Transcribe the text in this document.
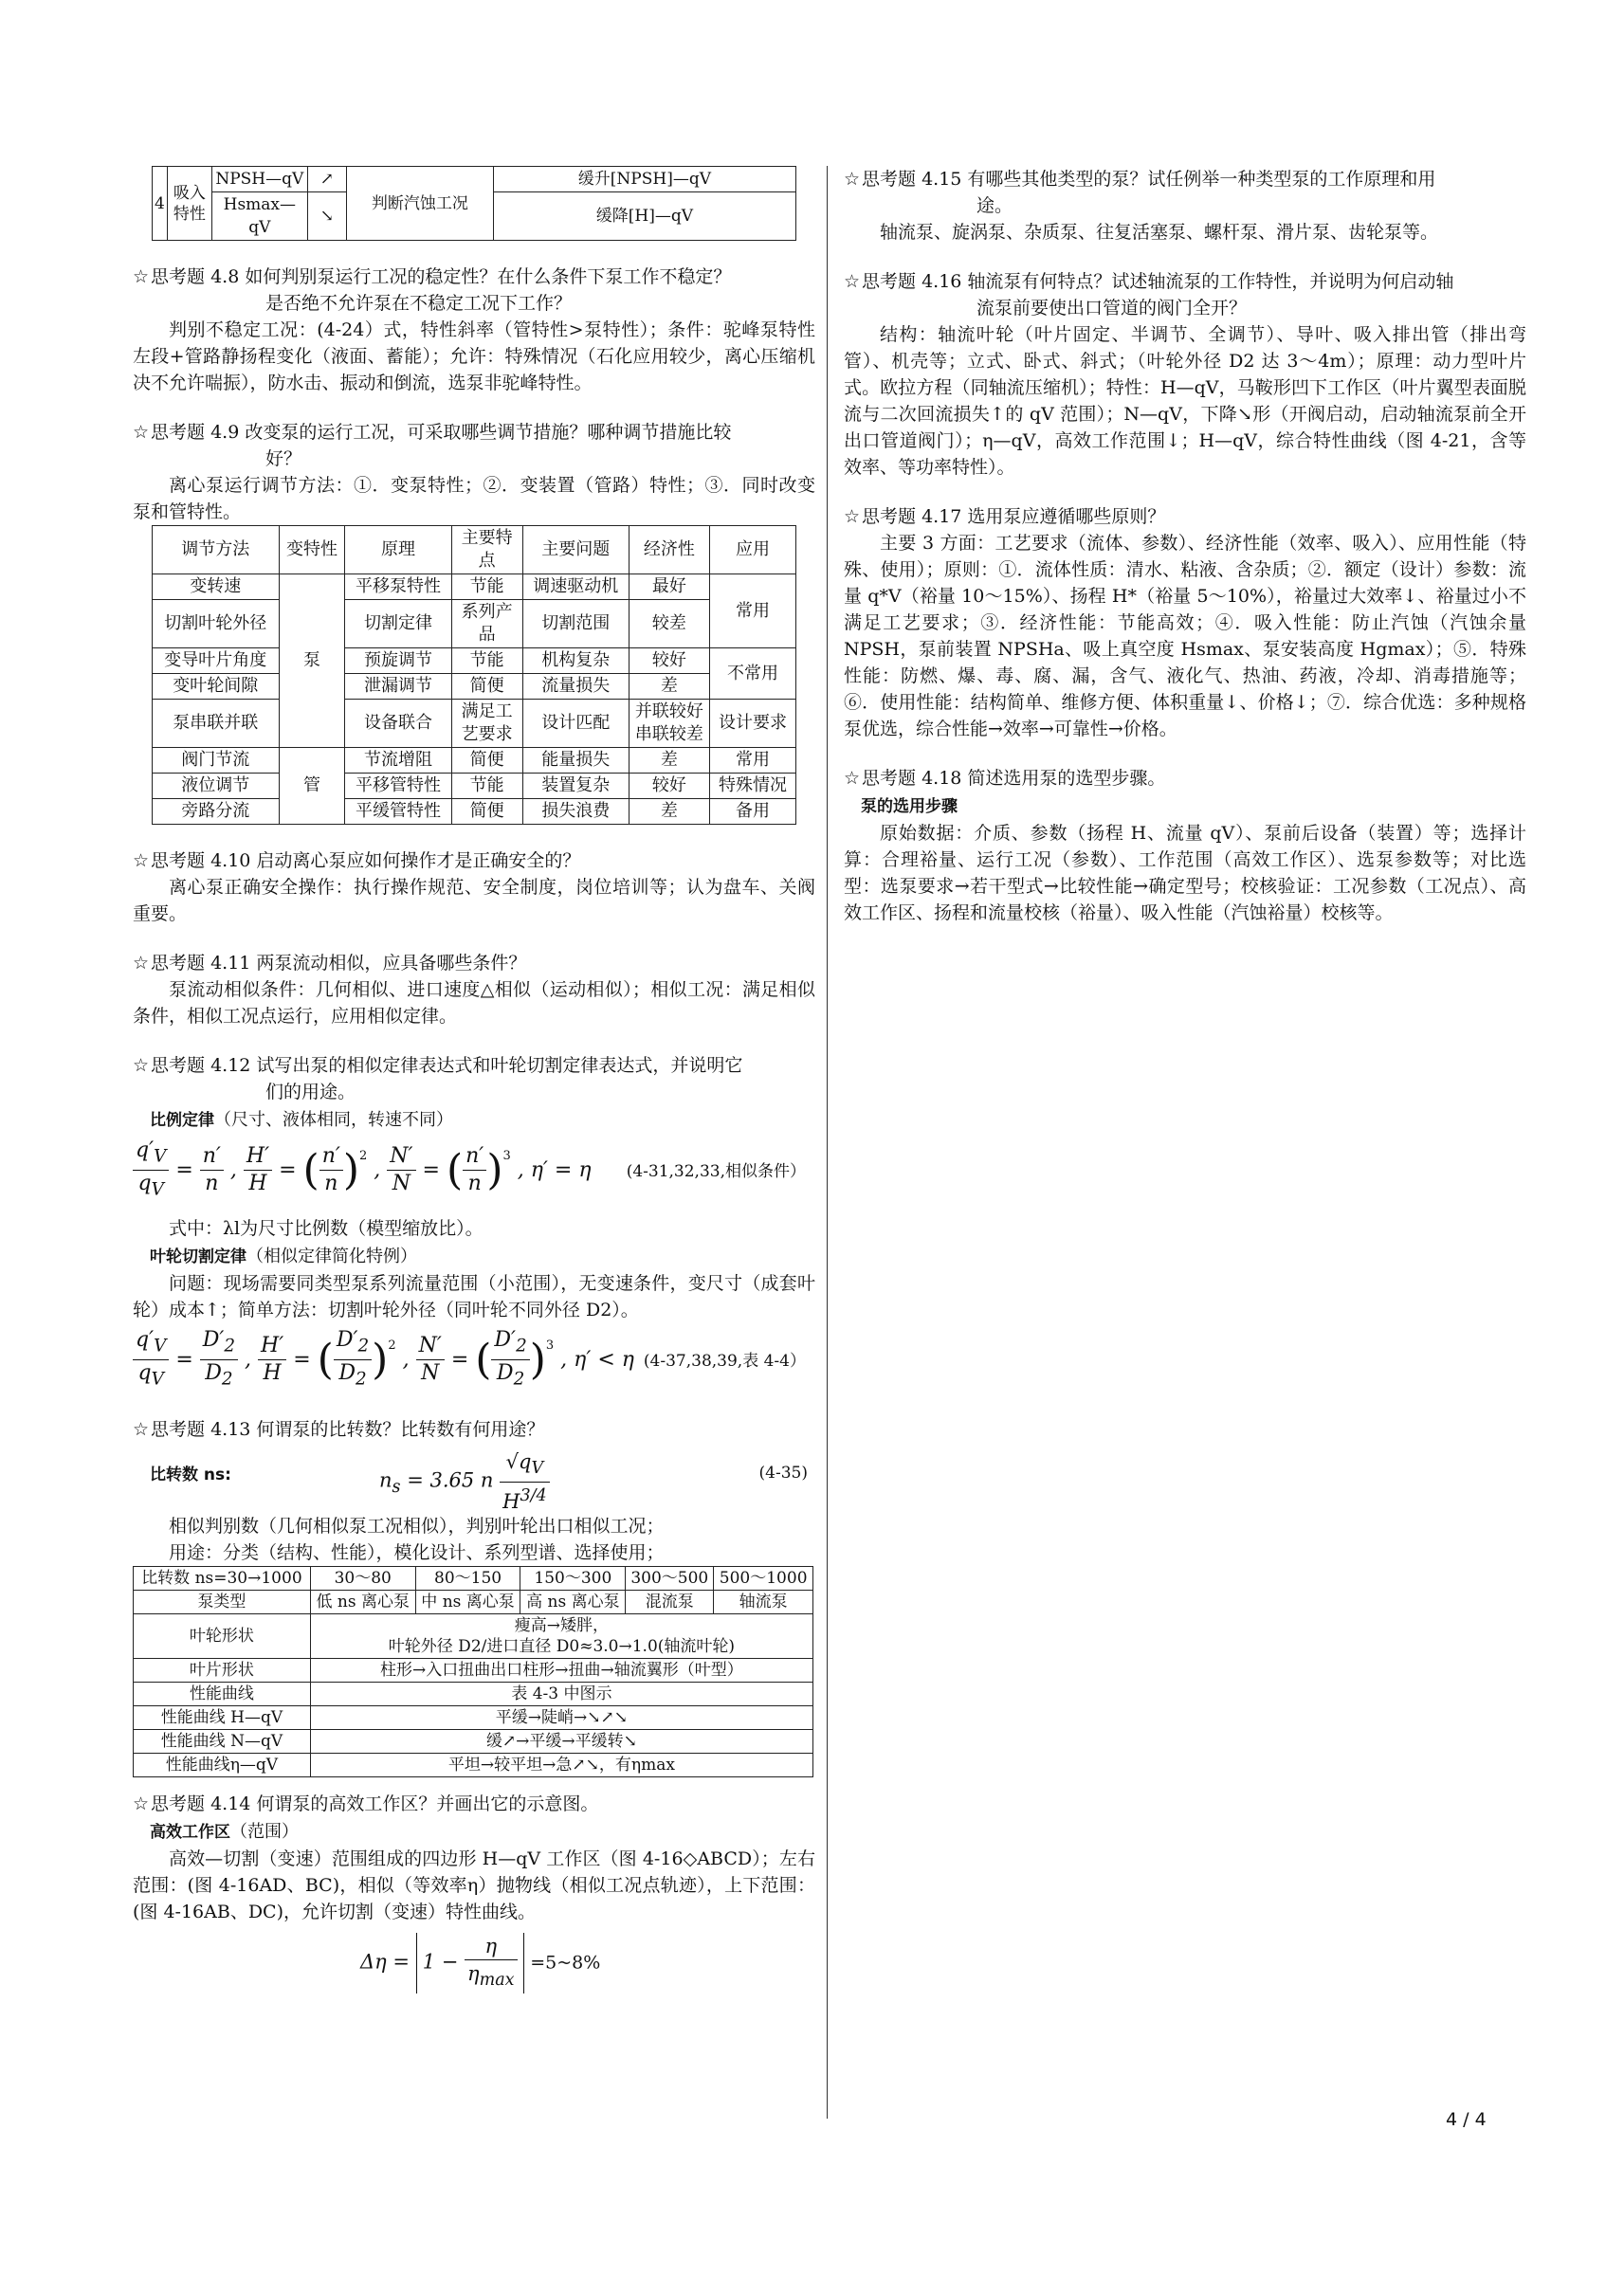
4	吸入特性	NPSH—qV	↗	判断汽蚀工况	缓升[NPSH]—qV
		Hsmax—qV	↘		缓降[H]—qV

☆ 思考题 4.8 如何判别泵运行工况的稳定性？在什么条件下泵工作不稳定？

是否绝不允许泵在不稳定工况下工作？

判别不稳定工况：(4-24）式，特性斜率（管特性>泵特性）；条件：驼峰泵特性左段+管路静扬程变化（液面、蓄能）；允许：特殊情况（石化应用较少，离心压缩机决不允许喘振），防水击、振动和倒流，选泵非驼峰特性。

☆ 思考题 4.9 改变泵的运行工况，可采取哪些调节措施？哪种调节措施比较

好？

离心泵运行调节方法：①．变泵特性；②．变装置（管路）特性；③．同时改变泵和管特性。

调节方法	变特性	原理	主要特点	主要问题	经济性	应用
变转速	泵	平移泵特性	节能	调速驱动机	最好	常用
切割叶轮外径		切割定律	系列产品	切割范围	较差	
变导叶片角度		预旋调节	节能	机构复杂	较好	不常用
变叶轮间隙		泄漏调节	简便	流量损失	差	
泵串联并联		设备联合	满足工艺要求	设计匹配	并联较好串联较差	设计要求
阀门节流	管	节流增阻	简便	能量损失	差	常用
液位调节		平移管特性	节能	装置复杂	较好	特殊情况
旁路分流		平缓管特性	简便	损失浪费	差	备用

☆ 思考题 4.10 启动离心泵应如何操作才是正确安全的？

离心泵正确安全操作：执行操作规范、安全制度，岗位培训等；认为盘车、关阀重要。

☆ 思考题 4.11 两泵流动相似，应具备哪些条件？

泵流动相似条件：几何相似、进口速度△相似（运动相似）；相似工况：满足相似条件，相似工况点运行，应用相似定律。

☆ 思考题 4.12 试写出泵的相似定律表达式和叶轮切割定律表达式，并说明它

们的用途。

比例定律（尺寸、液体相同，转速不同）

$\frac{q'_V}{q_V} = \frac{n'}{n}$ , $\frac{H'}{H}$ = ( $\frac{n'}{n} )^2$ , $\frac{N'}{N}$ = ( $\frac{n'}{n} )^3$ , η′ = η (4-31,32,33,相似条件）

式中：λl为尺寸比例数（模型缩放比）。

叶轮切割定律（相似定律简化特例）

问题：现场需要同类型泵系列流量范围（小范围），无变速条件，变尺寸（成套叶轮）成本↑；简单方法：切割叶轮外径（同叶轮不同外径 D2）。

$\frac{q'_V}{q_V} = \frac{D'_2}{D_2}$ , $\frac{H'}{H}$ = ( $\frac{D'_2}{D_2} )^2$ , $\frac{N'}{N}$ = ( $\frac{D'_2}{D_2} )^3$ , η′ < η (4-37,38,39,表 4-4）

☆ 思考题 4.13 何谓泵的比转数？比转数有何用途？

比转数 ns:	$n_s = 3.65$ n $\frac{√q_V}{H^{3/4}}$	(4-35)

相似判别数（几何相似泵工况相似），判别叶轮出口相似工况；

用途：分类（结构、性能），模化设计、系列型谱、选择使用；

比转数 ns=30→1000	30～80	80～150	150～300	300～500	500～1000
泵类型	低 ns 离心泵	中 ns 离心泵	高 ns 离心泵	混流泵	轴流泵
叶轮形状	瘦高→矮胖，
叶轮外径 D2/进口直径 D0≈3.0→1.0(轴流叶轮)				

叶片形状	柱形→入口扭曲出口柱形→扭曲→轴流翼形（叶型）				
性能曲线	表 4-3 中图示				
性能曲线 H—qV	平缓→陡峭→↘↗↘				
性能曲线 N—qV	缓↗→平缓→平缓转↘				
性能曲线η—qV	平坦→较平坦→急↗↘，有ηmax				

☆ 思考题 4.14 何谓泵的高效工作区？并画出它的示意图。

高效工作区（范围）

高效—切割（变速）范围组成的四边形 H—qV 工作区（图 4-16◇ABCD）；左右范围：(图 4-16AD、BC)，相似（等效率η）抛物线（相似工况点轨迹），上下范围：(图 4-16AB、DC)，允许切割（变速）特性曲线。

$\Delta\eta = 1 - \frac{\eta}{\eta_{max}}$ =5~8%

☆ 思考题 4.15 有哪些其他类型的泵？试任例举一种类型泵的工作原理和用

途。

轴流泵、旋涡泵、杂质泵、往复活塞泵、螺杆泵、滑片泵、齿轮泵等。

☆ 思考题 4.16 轴流泵有何特点？试述轴流泵的工作特性，并说明为何启动轴

流泵前要使出口管道的阀门全开？

结构：轴流叶轮（叶片固定、半调节、全调节）、导叶、吸入排出管（排出弯管）、机壳等；立式、卧式、斜式；（叶轮外径 D2 达 3～4m）；原理：动力型叶片式。欧拉方程（同轴流压缩机）；特性：H—qV，马鞍形凹下工作区（叶片翼型表面脱流与二次回流损失↑的 qV 范围）；N—qV，下降↘形（开阀启动，启动轴流泵前全开出口管道阀门）；η—qV，高效工作范围↓；H—qV，综合特性曲线（图 4-21，含等效率、等功率特性）。

☆ 思考题 4.17 选用泵应遵循哪些原则？

主要 3 方面：工艺要求（流体、参数）、经济性能（效率、吸入）、应用性能（特殊、使用）；原则：①．流体性质：清水、粘液、含杂质；②．额定（设计）参数：流量 q*V（裕量 10～15%）、扬程 H*（裕量 5～10%），裕量过大效率↓、裕量过小不满足工艺要求；③．经济性能：节能高效；④．吸入性能：防止汽蚀（汽蚀余量 NPSH，泵前装置 NPSHa、吸上真空度 Hsmax、泵安装高度 Hgmax）；⑤．特殊性能：防燃、爆、毒、腐、漏，含气、液化气、热油、药液，冷却、消毒措施等；⑥．使用性能：结构简单、维修方便、体积重量↓、价格↓；⑦．综合优选：多种规格泵优选，综合性能→效率→可靠性→价格。

☆ 思考题 4.18 简述选用泵的选型步骤。

泵的选用步骤

原始数据：介质、参数（扬程 H、流量 qV）、泵前后设备（装置）等；选择计算：合理裕量、运行工况（参数）、工作范围（高效工作区）、选泵参数等；对比选型：选泵要求→若干型式→比较性能→确定型号；校核验证：工况参数（工况点）、高效工作区、扬程和流量校核（裕量）、吸入性能（汽蚀裕量）校核等。

4 / 4
